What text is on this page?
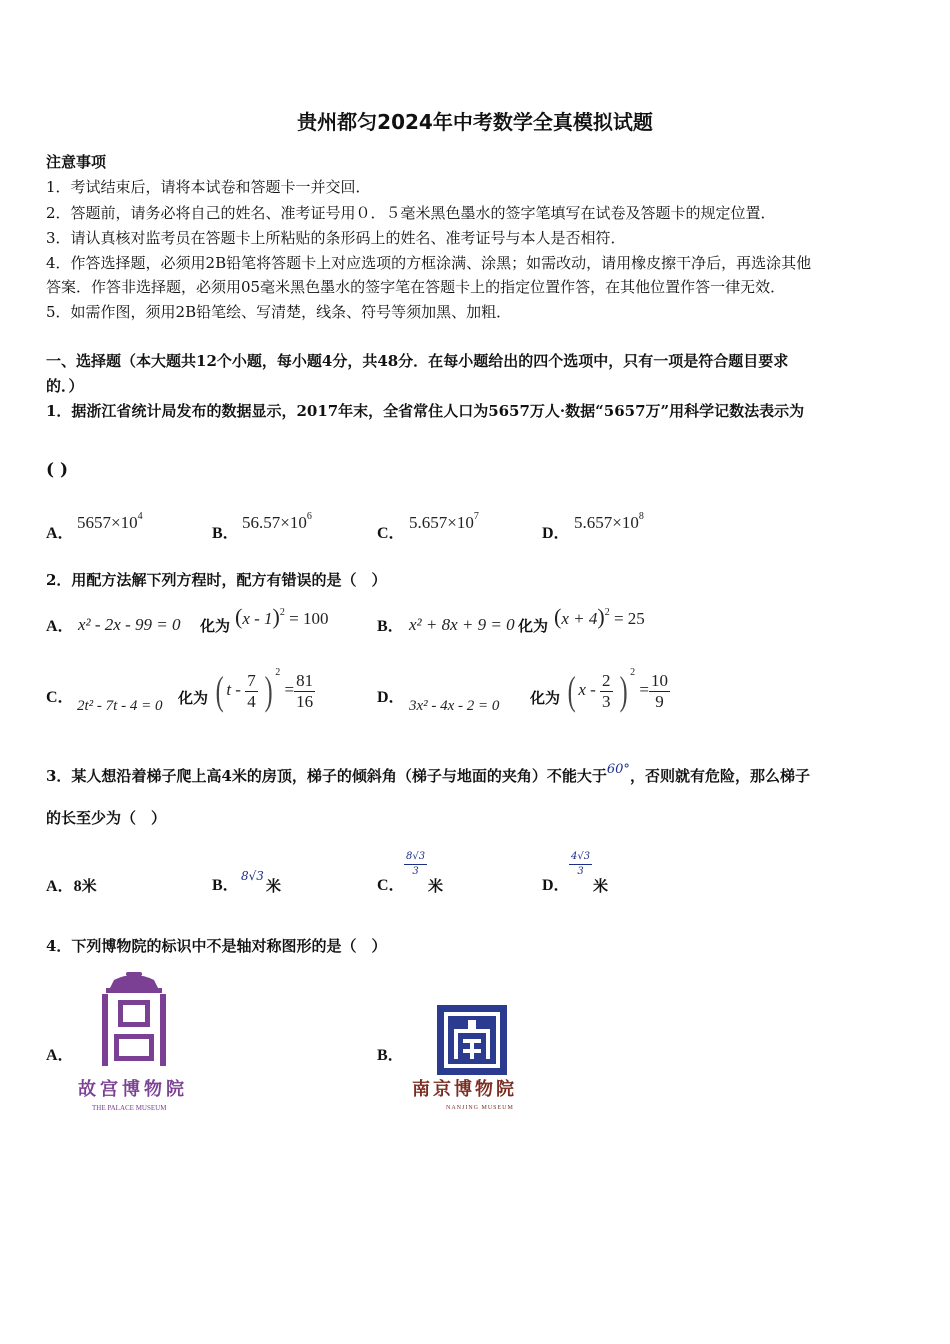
贵州都匀2024年中考数学全真模拟试题
注意事项
1．考试结束后，请将本试卷和答题卡一并交回．
2．答题前，请务必将自己的姓名、准考证号用０．５毫米黑色墨水的签字笔填写在试卷及答题卡的规定位置．
3．请认真核对监考员在答题卡上所粘贴的条形码上的姓名、准考证号与本人是否相符．
4．作答选择题，必须用2B铅笔将答题卡上对应选项的方框涂满、涂黑；如需改动，请用橡皮擦干净后，再选涂其他
答案．作答非选择题，必须用05毫米黑色墨水的签字笔在答题卡上的指定位置作答，在其他位置作答一律无效．
5．如需作图，须用2B铅笔绘、写清楚，线条、符号等须加黑、加粗．
一、选择题（本大题共12个小题，每小题4分，共48分．在每小题给出的四个选项中，只有一项是符合题目要求
的．）
1．据浙江省统计局发布的数据显示，2017年末，全省常住人口为5657万人·数据“5657万”用科学记数法表示为
( )
A．
$5657\times 10^4$
B．
$56.57\times 10^6$
C．
$5.657\times 10^7$
D．
$5.657\times 10^8$
2．用配方法解下列方程时，配方有错误的是（　）
A． x² - 2x - 99 = 0 化为 (x - 1)$^2$ = 100	B． x² + 8x + 9 = 0 化为 $(x + 4)^2 = 25$
C． 2t² - 7t - 4 = 0 化为 ( t - $\frac{7}{4}$ ) $^2 = \frac{81}{16}$	D． 3x² - 4x - 2 = 0 化为 ( x - $\frac{2}{3}$ ) $^2 = \frac{10}{9}$
3．某人想沿着梯子爬上高4米的房顶，梯子的倾斜角（梯子与地面的夹角）不能大于60°，否则就有危险，那么梯子
的长至少为（　）
A．8米	B．
8√3
米	C．
$\frac{8√3}{3}$
米	D．
$\frac{4√3}{3}$
米
4．下列博物院的标识中不是轴对称图形的是（　）
A．
故宫博物院
THE PALACE MUSEUM
B．
南京博物院
NANJING MUSEUM
